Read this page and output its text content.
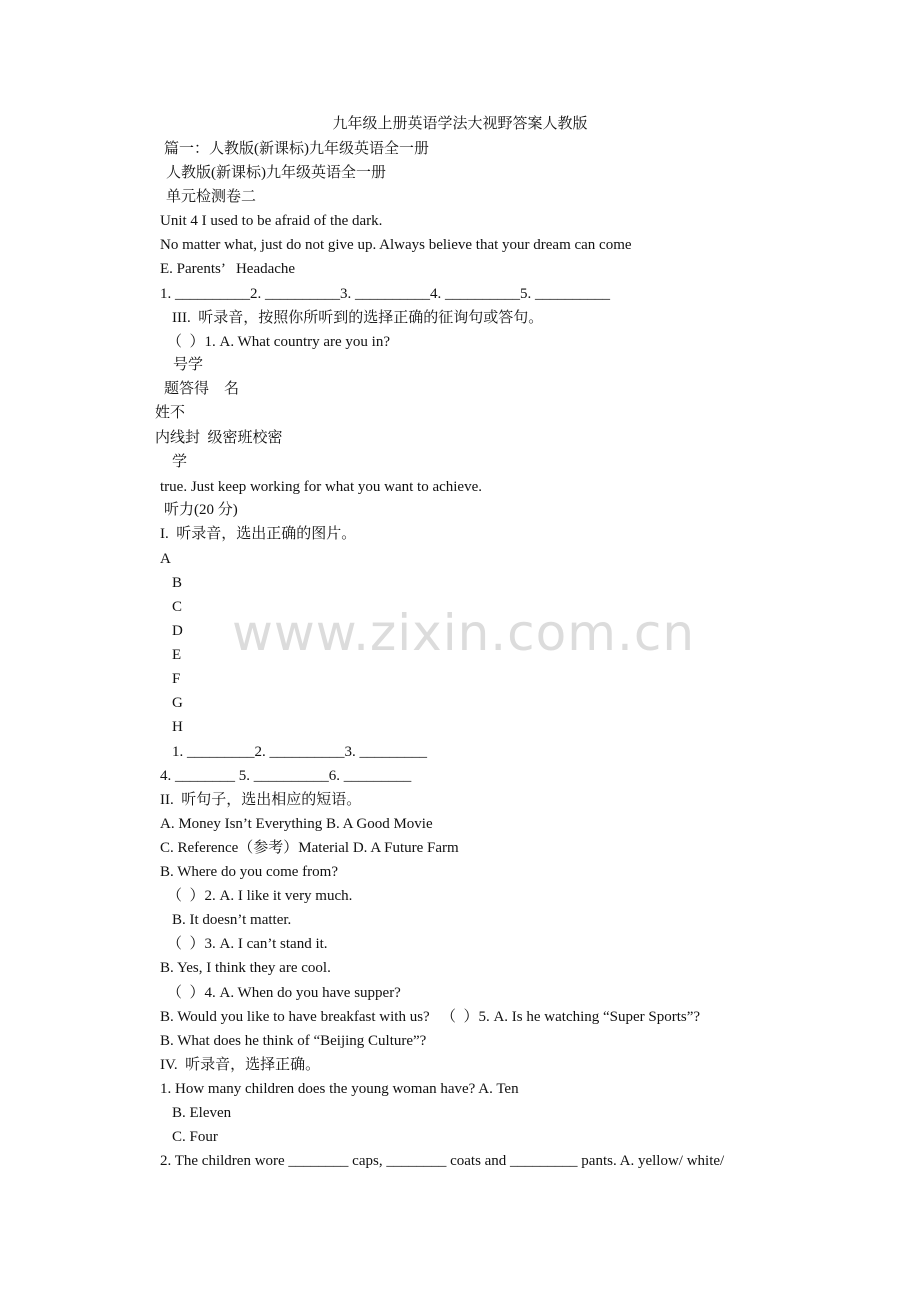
九年级上册英语学法大视野答案人教版
篇一：人教版(新课标)九年级英语全一册
人教版(新课标)九年级英语全一册
单元检测卷二
Unit 4 I used to be afraid of the dark.
No matter what, just do not give up. Always believe that your dream can come
E. Parents’   Headache
1. __________2. __________3. __________4. __________5. __________
III.  听录音，按照你所听到的选择正确的征询句或答句。
（  ）1. A. What country are you in?
号学
题答得    名
姓不
内线封  级密班校密
学
true. Just keep working for what you want to achieve.
听力(20 分)
I.  听录音，选出正确的图片。
A
B
C
D
E
F
G
H
1. _________2. __________3. _________
4. ________ 5. __________6. _________
II.  听句子，选出相应的短语。
A. Money Isn’t Everything B. A Good Movie
C. Reference（参考）Material D. A Future Farm
B. Where do you come from?
（  ）2. A. I like it very much.
B. It doesn’t matter.
（  ）3. A. I can’t stand it.
B. Yes, I think they are cool.
（  ）4. A. When do you have supper?
B. Would you like to have breakfast with us?   （  ）5. A. Is he watching “Super Sports”?
B. What does he think of “Beijing Culture”?
IV.  听录音，选择正确。
1. How many children does the young woman have? A. Ten
B. Eleven
C. Four
2. The children wore ________ caps, ________ coats and _________ pants. A. yellow/ white/
www.zixin.com.cn
